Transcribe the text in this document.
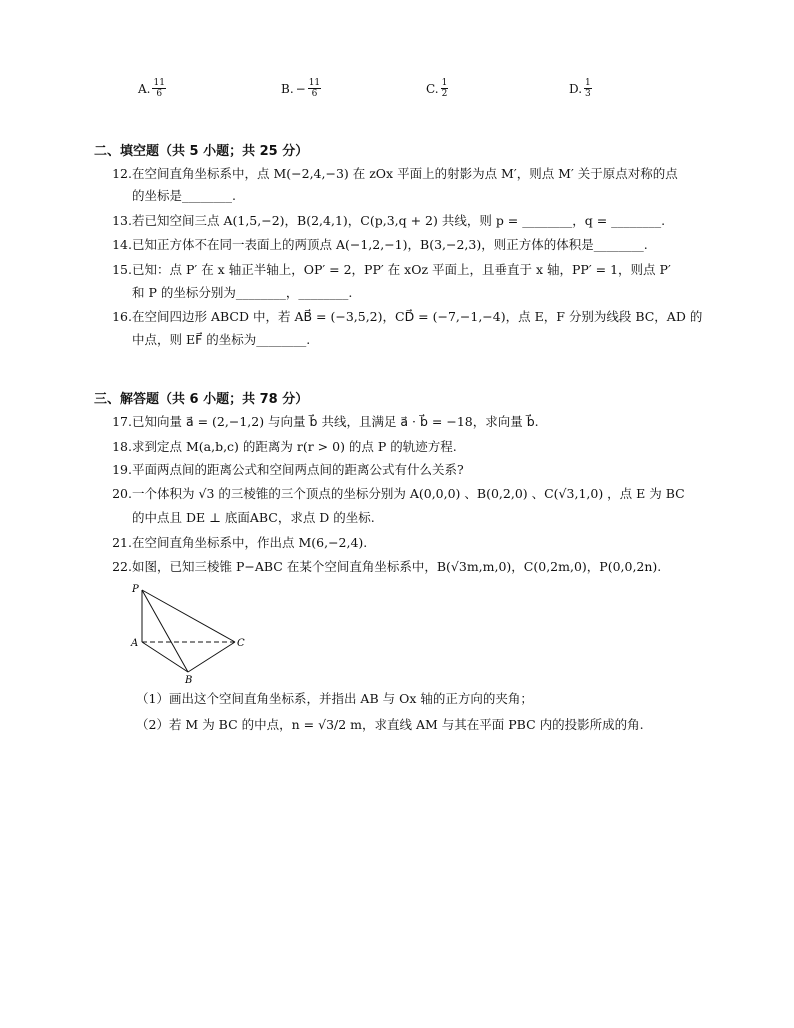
A. $\frac{11}{6}$	B. − $\frac{11}{6}$	C. $\frac{1}{2}$	D. $\frac{1}{3}$
二、填空题（共 5 小题；共 25 分）
12.在空间直角坐标系中，点 M(−2,4,−3) 在 zOx 平面上的射影为点 M′，则点 M′ 关于原点对称的点
的坐标是________.
13.若已知空间三点 A(1,5,−2)，B(2,4,1)，C(p,3,q + 2) 共线，则 p = ________，q = ________.
14.已知正方体不在同一表面上的两顶点 A(−1,2,−1)，B(3,−2,3)，则正方体的体积是________.
15.已知：点 P′ 在 x 轴正半轴上，OP′ = 2，PP′ 在 xOz 平面上，且垂直于 x 轴，PP′ = 1，则点 P′
和 P 的坐标分别为________，________.
16.在空间四边形 ABCD 中，若 AB⃗ = (−3,5,2)，CD⃗ = (−7,−1,−4)，点 E，F 分别为线段 BC，AD 的
中点，则 EF⃗ 的坐标为________.
三、解答题（共 6 小题；共 78 分）
17.已知向量 a⃗ = (2,−1,2) 与向量 b⃗ 共线，且满足 a⃗ · b⃗ = −18，求向量 b⃗.
18.求到定点 M(a,b,c) 的距离为 r(r > 0) 的点 P 的轨迹方程.
19.平面两点间的距离公式和空间两点间的距离公式有什么关系?
20.一个体积为 √3 的三棱锥的三个顶点的坐标分别为 A(0,0,0) 、B(0,2,0) 、C(√3,1,0) ，点 E 为 BC
的中点且 DE ⊥ 底面ABC，求点 D 的坐标.
21.在空间直角坐标系中，作出点 M(6,−2,4).
22.如图，已知三棱锥 P−ABC 在某个空间直角坐标系中，B(√3m,m,0)，C(0,2m,0)，P(0,0,2n).
P
A
B
C
（1）画出这个空间直角坐标系，并指出 AB 与 Ox 轴的正方向的夹角；
（2）若 M 为 BC 的中点，n = √3/2 m，求直线 AM 与其在平面 PBC 内的投影所成的角.
